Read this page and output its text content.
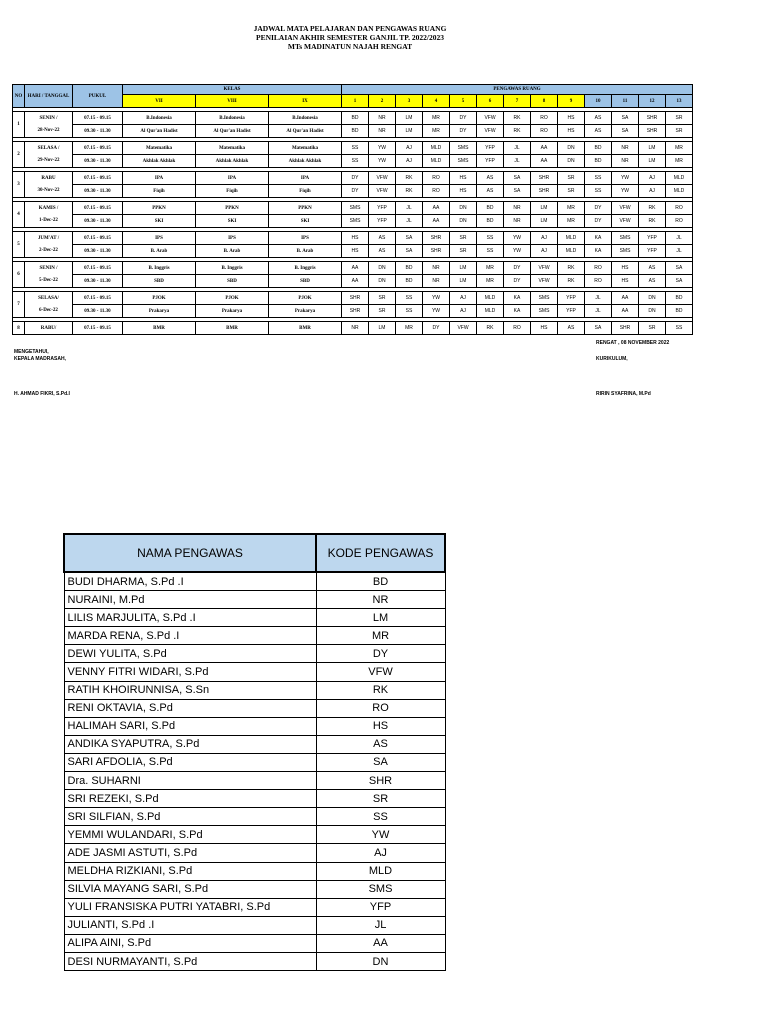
JADWAL MATA PELAJARAN DAN PENGAWAS RUANG
PENILAIAN AKHIR SEMESTER GANJIL TP. 2022/2023
MTs MADINATUN NAJAH RENGAT
NO	HARI / TANGGAL	PUKUL	KELAS			PENGAWAS RUANG												
			VII	VIII	IX	1	2	3	4	5	6	7	8	9	10	11	12	13

1	SENIN /	07.15 - 09.15	B.Indonesia	B.Indonesia	B.Indonesia	BD	NR	LM	MR	DY	VFW	RK	RO	HS	AS	SA	SHR	SR
	28-Nov-22	09.30 - 11.30	Al Qur'an Hadist	Al Qur'an Hadist	Al Qur'an Hadist	BD	NR	LM	MR	DY	VFW	RK	RO	HS	AS	SA	SHR	SR

2	SELASA /	07.15 - 09.15	Matematika	Matematika	Matematika	SS	YW	AJ	MLD	SMS	YFP	JL	AA	DN	BD	NR	LM	MR
	29-Nov-22	09.30 - 11.30	Akhlak Akhlak	Akhlak Akhlak	Akhlak Akhlak	SS	YW	AJ	MLD	SMS	YFP	JL	AA	DN	BD	NR	LM	MR

3	RABU	07.15 - 09.15	IPA	IPA	IPA	DY	VFW	RK	RO	HS	AS	SA	SHR	SR	SS	YW	AJ	MLD
	30-Nov-22	09.30 - 11.30	Fiqih	Fiqih	Fiqih	DY	VFW	RK	RO	HS	AS	SA	SHR	SR	SS	YW	AJ	MLD

4	KAMIS /	07.15 - 09.15	PPKN	PPKN	PPKN	SMS	YFP	JL	AA	DN	BD	NR	LM	MR	DY	VFW	RK	RO
	1-Dec-22	09.30 - 11.30	SKI	SKI	SKI	SMS	YFP	JL	AA	DN	BD	NR	LM	MR	DY	VFW	RK	RO

5	JUM'AT /	07.15 - 09.15	IPS	IPS	IPS	HS	AS	SA	SHR	SR	SS	YW	AJ	MLD	KA	SMS	YFP	JL
	2-Dec-22	09.30 - 11.30	B. Arab	B. Arab	B. Arab	HS	AS	SA	SHR	SR	SS	YW	AJ	MLD	KA	SMS	YFP	JL

6	SENIN /	07.15 - 09.15	B. Inggris	B. Inggris	B. Inggris	AA	DN	BD	NR	LM	MR	DY	VFW	RK	RO	HS	AS	SA
	5-Dec-22	09.30 - 11.30	SBD	SBD	SBD	AA	DN	BD	NR	LM	MR	DY	VFW	RK	RO	HS	AS	SA

7	SELASA/	07.15 - 09.15	PJOK	PJOK	PJOK	SHR	SR	SS	YW	AJ	MLD	KA	SMS	YFP	JL	AA	DN	BD
	6-Dec-22	09.30 - 11.30	Prakarya	Prakarya	Prakarya	SHR	SR	SS	YW	AJ	MLD	KA	SMS	YFP	JL	AA	DN	BD

8	RABU/	07.15 - 09.15	BMR	BMR	BMR	NR	LM	MR	DY	VFW	RK	RO	HS	AS	SA	SHR	SR	SS
RENGAT , 08 NOVEMBER 2022
MENGETAHUI,
KEPALA MADRASAH,	KURIKULUM,
H. AHMAD FIKRI, S.Pd.I	RIRIN SYAFRINA, M.Pd
NAMA PENGAWAS	KODE PENGAWAS
BUDI DHARMA, S.Pd .I	BD
NURAINI, M.Pd	NR
LILIS MARJULITA, S.Pd .I	LM
MARDA RENA, S.Pd .I	MR
DEWI YULITA, S.Pd	DY
VENNY FITRI WIDARI, S.Pd	VFW
RATIH KHOIRUNNISA, S.Sn	RK
RENI OKTAVIA, S.Pd	RO
HALIMAH SARI, S.Pd	HS
ANDIKA SYAPUTRA, S.Pd	AS
SARI AFDOLIA, S.Pd	SA
Dra. SUHARNI	SHR
SRI REZEKI, S.Pd	SR
SRI SILFIAN, S.Pd	SS
YEMMI WULANDARI, S.Pd	YW
ADE JASMI ASTUTI, S.Pd	AJ
MELDHA RIZKIANI, S.Pd	MLD
SILVIA MAYANG SARI, S.Pd	SMS
YULI FRANSISKA PUTRI YATABRI, S.Pd	YFP
JULIANTI, S.Pd .I	JL
ALIPA AINI, S.Pd	AA
DESI NURMAYANTI, S.Pd	DN
